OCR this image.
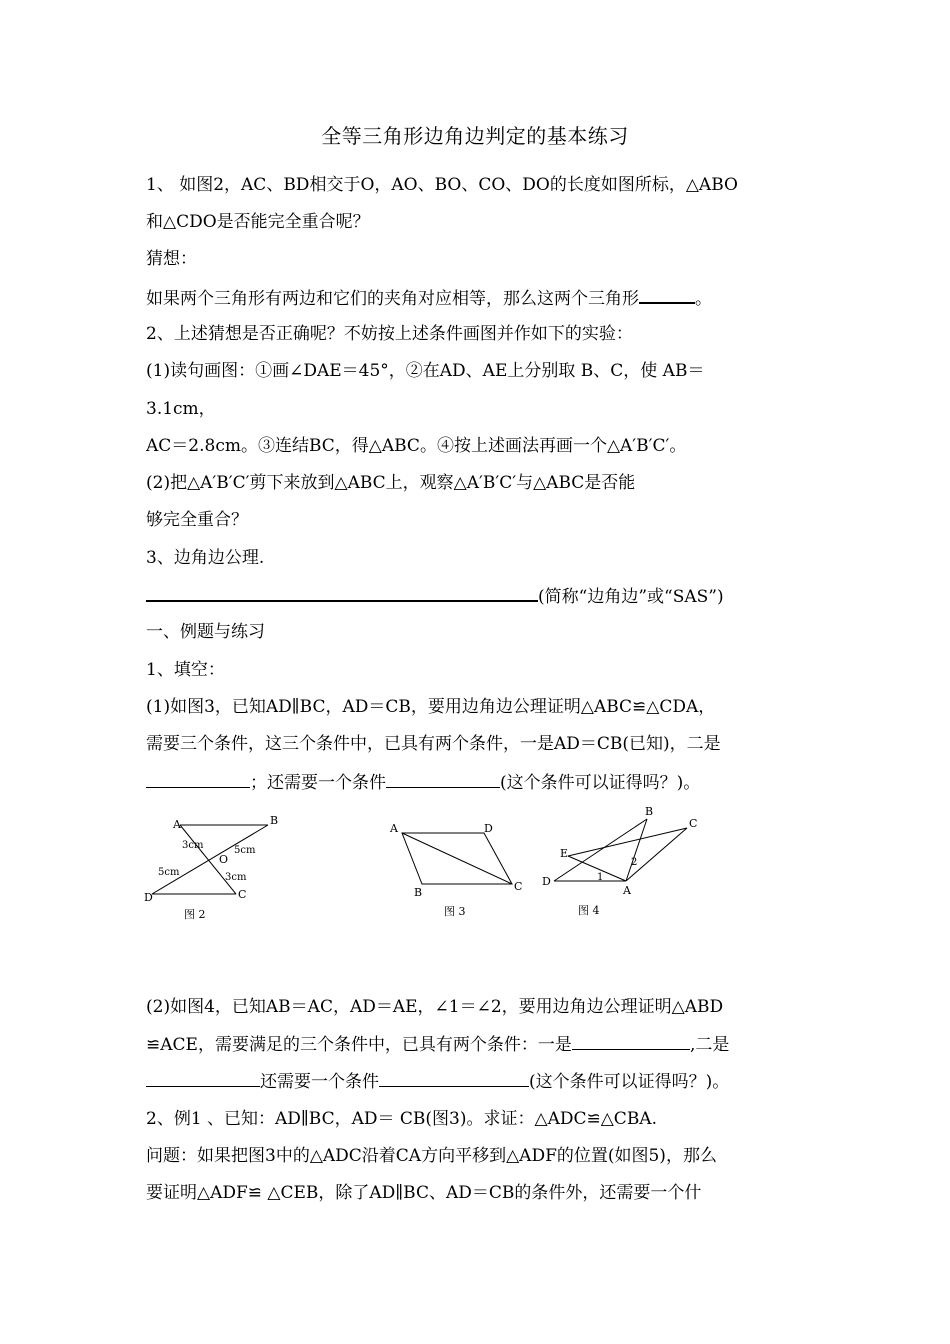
全等三角形边角边判定的基本练习
1、 如图2，AC、BD相交于O，AO、BO、CO、DO的长度如图所标，△ABO
和△CDO是否能完全重合呢？
猜想：
如果两个三角形有两边和它们的夹角对应相等，那么这两个三角形	。
2、上述猜想是否正确呢？不妨按上述条件画图并作如下的实验：
(1)读句画图：①画∠DAE＝45°，②在AD、AE上分别取 B、C，使 AB＝
3.1cm，
AC＝2.8cm。③连结BC，得△ABC。④按上述画法再画一个△A′B′C′。
(2)把△A′B′C′剪下来放到△ABC上，观察△A′B′C′与△ABC是否能
够完全重合？
3、边角边公理.
(简称“边角边”或“SAS”)
一、例题与练习
1、填空：
(1)如图3，已知AD∥BC，AD＝CB，要用边角边公理证明△ABC≌△CDA，
需要三个条件，这三个条件中，已具有两个条件，一是AD＝CB(已知)，二是
；还需要一个条件	(这个条件可以证得吗？)。
A	B
C
D
O
3cm	5cm
5cm	3cm
图 2
A	D
B	C
图 3
D
E
B
C
A
1
2
图 4
(2)如图4，已知AB＝AC，AD＝AE，∠1＝∠2，要用边角边公理证明△ABD
≌ACE，需要满足的三个条件中，已具有两个条件：一是	,二是
还需要一个条件	(这个条件可以证得吗？)。
2、例1 、已知：AD∥BC，AD＝ CB(图3)。求证：△ADC≌△CBA.
问题：如果把图3中的△ADC沿着CA方向平移到△ADF的位置(如图5)，那么
要证明△ADF≌ △CEB，除了AD∥BC、AD＝CB的条件外，还需要一个什
